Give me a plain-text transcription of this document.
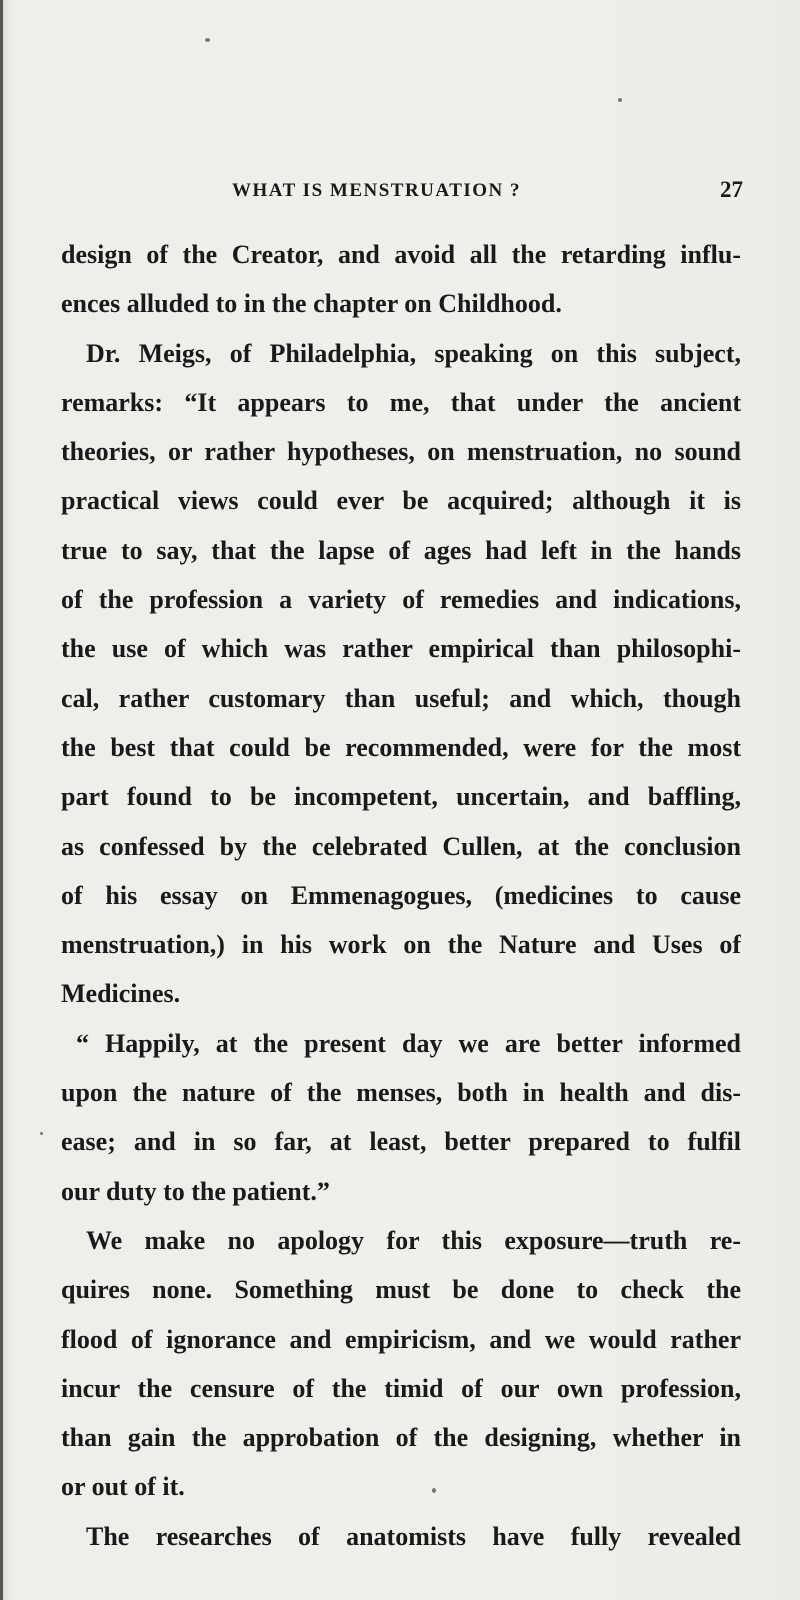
WHAT IS MENSTRUATION ?	27
design of the Creator, and avoid all the retarding influ-
ences alluded to in the chapter on Childhood.
Dr. Meigs, of Philadelphia, speaking on this subject,
remarks: “It appears to me, that under the ancient
theories, or rather hypotheses, on menstruation, no sound
practical views could ever be acquired; although it is
true to say, that the lapse of ages had left in the hands
of the profession a variety of remedies and indications,
the use of which was rather empirical than philosophi-
cal, rather customary than useful; and which, though
the best that could be recommended, were for the most
part found to be incompetent, uncertain, and baffling,
as confessed by the celebrated Cullen, at the conclusion
of his essay on Emmenagogues, (medicines to cause
menstruation,) in his work on the Nature and Uses of
Medicines.
“ Happily, at the present day we are better informed
upon the nature of the menses, both in health and dis-
ease; and in so far, at least, better prepared to fulfil
our duty to the patient.”
We make no apology for this exposure—truth re-
quires none. Something must be done to check the
flood of ignorance and empiricism, and we would rather
incur the censure of the timid of our own profession,
than gain the approbation of the designing, whether in
or out of it.
The researches of anatomists have fully revealed
